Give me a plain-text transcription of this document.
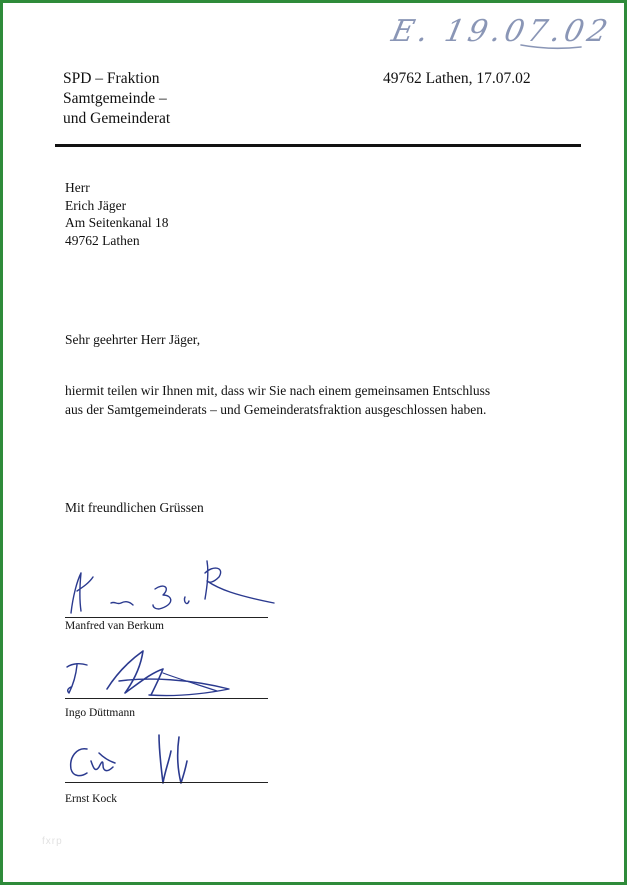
E. 19.07.02
SPD – Fraktion
Samtgemeinde –
und Gemeinderat
49762 Lathen, 17.07.02
Herr
Erich Jäger
Am Seitenkanal 18
49762 Lathen
Sehr geehrter Herr Jäger,
hiermit teilen wir Ihnen mit, dass wir Sie nach einem gemeinsamen Entschluss
aus der Samtgemeinderats – und Gemeinderatsfraktion ausgeschlossen haben.
Mit freundlichen Grüssen
Manfred van Berkum
Ingo Düttmann
Ernst Kock
fxrp
